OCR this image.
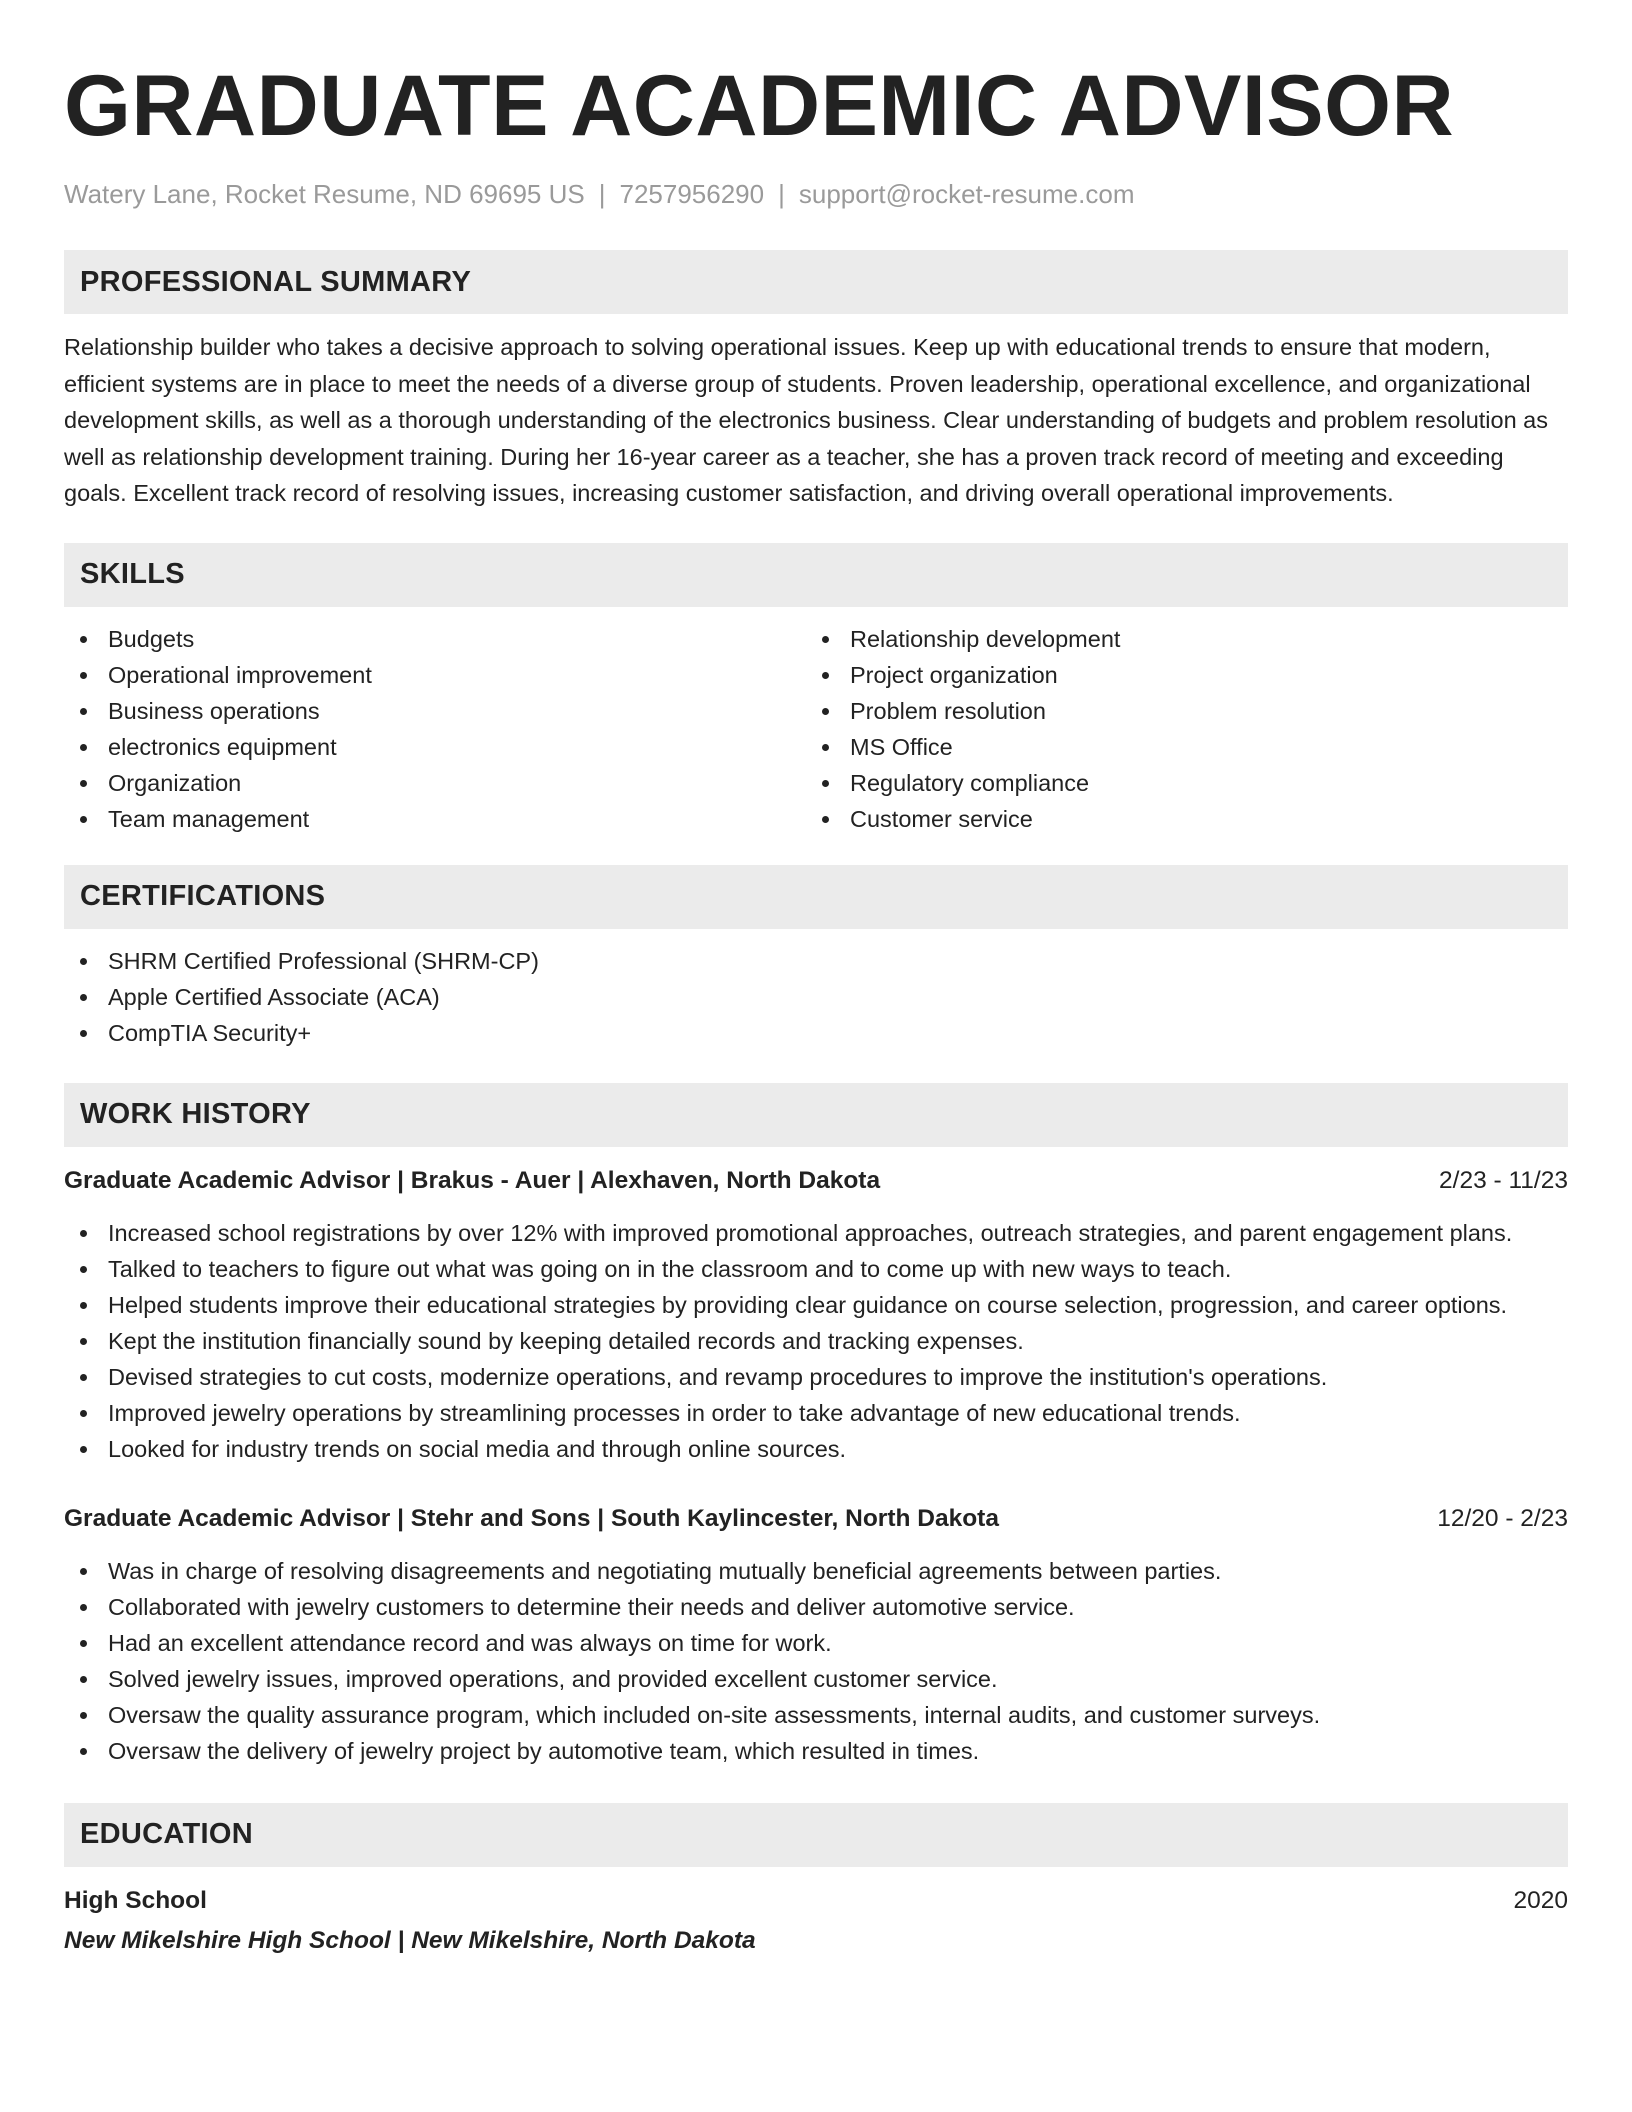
GRADUATE ACADEMIC ADVISOR
Watery Lane, Rocket Resume, ND 69695 US | 7257956290 | support@rocket-resume.com
PROFESSIONAL SUMMARY

Relationship builder who takes a decisive approach to solving operational issues. Keep up with educational trends to ensure that modern, efficient systems are in place to meet the needs of a diverse group of students. Proven leadership, operational excellence, and organizational development skills, as well as a thorough understanding of the electronics business. Clear understanding of budgets and problem resolution as well as relationship development training. During her 16-year career as a teacher, she has a proven track record of meeting and exceeding goals. Excellent track record of resolving issues, increasing customer satisfaction, and driving overall operational improvements.

SKILLS
Budgets
Operational improvement
Business operations
electronics equipment
Organization
Team management
Relationship development
Project organization
Problem resolution
MS Office
Regulatory compliance
Customer service
CERTIFICATIONS
SHRM Certified Professional (SHRM-CP)
Apple Certified Associate (ACA)
CompTIA Security+
WORK HISTORY
Graduate Academic Advisor | Brakus - Auer | Alexhaven, North Dakota	2/23 - 11/23
Increased school registrations by over 12% with improved promotional approaches, outreach strategies, and parent engagement plans.
Talked to teachers to figure out what was going on in the classroom and to come up with new ways to teach.
Helped students improve their educational strategies by providing clear guidance on course selection, progression, and career options.
Kept the institution financially sound by keeping detailed records and tracking expenses.
Devised strategies to cut costs, modernize operations, and revamp procedures to improve the institution's operations.
Improved jewelry operations by streamlining processes in order to take advantage of new educational trends.
Looked for industry trends on social media and through online sources.
Graduate Academic Advisor | Stehr and Sons | South Kaylincester, North Dakota	12/20 - 2/23
Was in charge of resolving disagreements and negotiating mutually beneficial agreements between parties.
Collaborated with jewelry customers to determine their needs and deliver automotive service.
Had an excellent attendance record and was always on time for work.
Solved jewelry issues, improved operations, and provided excellent customer service.
Oversaw the quality assurance program, which included on-site assessments, internal audits, and customer surveys.
Oversaw the delivery of jewelry project by automotive team, which resulted in times.
EDUCATION
High School	2020
New Mikelshire High School | New Mikelshire, North Dakota
